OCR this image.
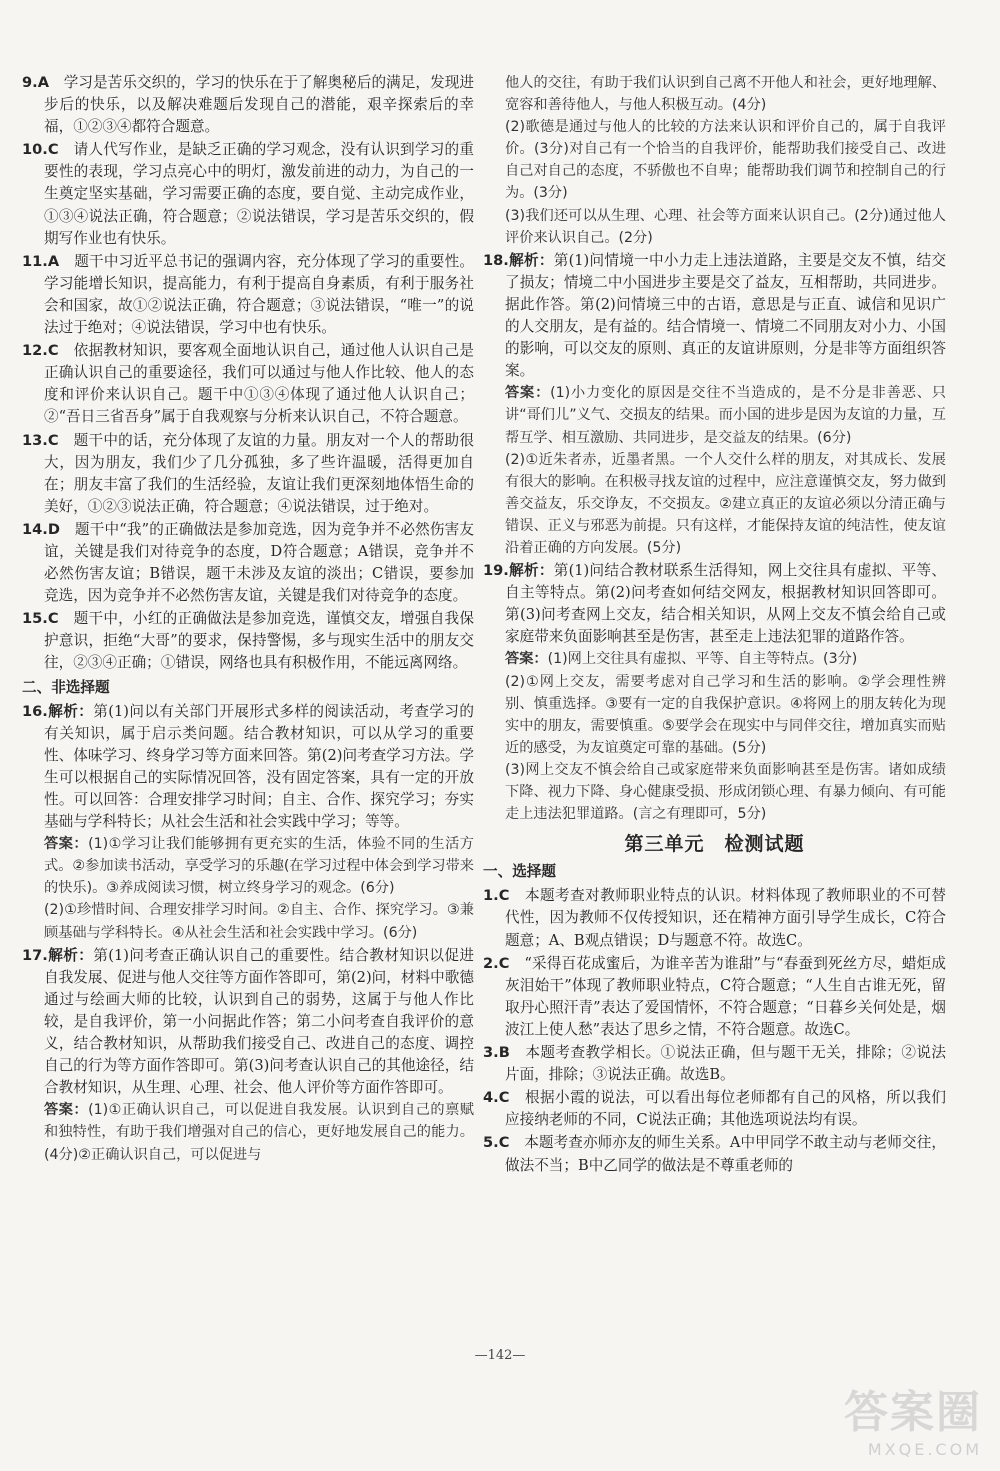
9.A　 学习是苦乐交织的，学习的快乐在于了解奥秘后的满足，发现进步后的快乐，以及解决难题后发现自己的潜能，艰辛探索后的幸福，①②③④都符合题意。
10.C　 请人代写作业，是缺乏正确的学习观念，没有认识到学习的重要性的表现，学习点亮心中的明灯，激发前进的动力，为自己的一生奠定坚实基础，学习需要正确的态度，要自觉、主动完成作业，①③④说法正确，符合题意；②说法错误，学习是苦乐交织的，假期写作业也有快乐。
11.A　 题干中习近平总书记的强调内容，充分体现了学习的重要性。学习能增长知识，提高能力，有利于提高自身素质，有利于服务社会和国家，故①②说法正确，符合题意；③说法错误，“唯一”的说法过于绝对；④说法错误，学习中也有快乐。
12.C　 依据教材知识，要客观全面地认识自己，通过他人认识自己是正确认识自己的重要途径，我们可以通过与他人作比较、他人的态度和评价来认识自己。题干中①③④体现了通过他人认识自己；②“吾日三省吾身”属于自我观察与分析来认识自己，不符合题意。
13.C　 题干中的话，充分体现了友谊的力量。朋友对一个人的帮助很大，因为朋友，我们少了几分孤独，多了些许温暖，活得更加自在；朋友丰富了我们的生活经验，友谊让我们更深刻地体悟生命的美好，①②③说法正确，符合题意；④说法错误，过于绝对。
14.D　 题干中“我”的正确做法是参加竞选，因为竞争并不必然伤害友谊，关键是我们对待竞争的态度，D符合题意；A错误，竞争并不必然伤害友谊；B错误，题干未涉及友谊的淡出；C错误，要参加竞选，因为竞争并不必然伤害友谊，关键是我们对待竞争的态度。
15.C　 题干中，小红的正确做法是参加竞选，谨慎交友，增强自我保护意识，拒绝“大哥”的要求，保持警惕，多与现实生活中的朋友交往，②③④正确；①错误，网络也具有积极作用，不能远离网络。
二、非选择题
16.解析：第(1)问以有关部门开展形式多样的阅读活动，考查学习的有关知识，属于启示类问题。结合教材知识，可以从学习的重要性、体味学习、终身学习等方面来回答。第(2)问考查学习方法。学生可以根据自己的实际情况回答，没有固定答案，具有一定的开放性。可以回答：合理安排学习时间；自主、合作、探究学习；夯实基础与学科特长；从社会生活和社会实践中学习；等等。
答案：(1)①学习让我们能够拥有更充实的生活，体验不同的生活方式。②参加读书活动，享受学习的乐趣(在学习过程中体会到学习带来的快乐)。③养成阅读习惯，树立终身学习的观念。(6分)
(2)①珍惜时间、合理安排学习时间。②自主、合作、探究学习。③兼顾基础与学科特长。④从社会生活和社会实践中学习。(6分)
17.解析：第(1)问考查正确认识自己的重要性。结合教材知识以促进自我发展、促进与他人交往等方面作答即可，第(2)问，材料中歌德通过与绘画大师的比较，认识到自己的弱势，这属于与他人作比较，是自我评价，第一小问据此作答；第二小问考查自我评价的意义，结合教材知识，从帮助我们接受自己、改进自己的态度、调控自己的行为等方面作答即可。第(3)问考查认识自己的其他途径，结合教材知识，从生理、心理、社会、他人评价等方面作答即可。
答案：(1)①正确认识自己，可以促进自我发展。认识到自己的禀赋和独特性，有助于我们增强对自己的信心，更好地发展自己的能力。(4分)②正确认识自己，可以促进与
他人的交往，有助于我们认识到自己离不开他人和社会，更好地理解、宽容和善待他人，与他人积极互动。(4分)
(2)歌德是通过与他人的比较的方法来认识和评价自己的，属于自我评价。(3分)对自己有一个恰当的自我评价，能帮助我们接受自己、改进自己对自己的态度，不骄傲也不自卑；能帮助我们调节和控制自己的行为。(3分)
(3)我们还可以从生理、心理、社会等方面来认识自己。(2分)通过他人评价来认识自己。(2分)
18.解析：第(1)问情境一中小力走上违法道路，主要是交友不慎，结交了损友；情境二中小国进步主要是交了益友，互相帮助，共同进步。据此作答。第(2)问情境三中的古语，意思是与正直、诚信和见识广的人交朋友，是有益的。结合情境一、情境二不同朋友对小力、小国的影响，可以交友的原则、真正的友谊讲原则，分是非等方面组织答案。
答案：(1)小力变化的原因是交往不当造成的，是不分是非善恶、只讲“哥们儿”义气、交损友的结果。而小国的进步是因为友谊的力量，互帮互学、相互激励、共同进步，是交益友的结果。(6分)
(2)①近朱者赤，近墨者黑。一个人交什么样的朋友，对其成长、发展有很大的影响。在积极寻找友谊的过程中，应注意谨慎交友，努力做到善交益友，乐交诤友，不交损友。②建立真正的友谊必须以分清正确与错误、正义与邪恶为前提。只有这样，才能保持友谊的纯洁性，使友谊沿着正确的方向发展。(5分)
19.解析：第(1)问结合教材联系生活得知，网上交往具有虚拟、平等、自主等特点。第(2)问考查如何结交网友，根据教材知识回答即可。第(3)问考查网上交友，结合相关知识，从网上交友不慎会给自己或家庭带来负面影响甚至是伤害，甚至走上违法犯罪的道路作答。
答案：(1)网上交往具有虚拟、平等、自主等特点。(3分)
(2)①网上交友，需要考虑对自己学习和生活的影响。②学会理性辨别、慎重选择。③要有一定的自我保护意识。④将网上的朋友转化为现实中的朋友，需要慎重。⑤要学会在现实中与同伴交往，增加真实而贴近的感受，为友谊奠定可靠的基础。(5分)
(3)网上交友不慎会给自己或家庭带来负面影响甚至是伤害。诸如成绩下降、视力下降、身心健康受损、形成闭锁心理、有暴力倾向、有可能走上违法犯罪道路。(言之有理即可，5分)
第三单元　检测试题
一、选择题
1.C　 本题考查对教师职业特点的认识。材料体现了教师职业的不可替代性，因为教师不仅传授知识，还在精神方面引导学生成长，C符合题意；A、B观点错误；D与题意不符。故选C。
2.C　 “采得百花成蜜后，为谁辛苦为谁甜”与“春蚕到死丝方尽，蜡炬成灰泪始干”体现了教师职业特点，C符合题意；“人生自古谁无死，留取丹心照汗青”表达了爱国情怀，不符合题意；“日暮乡关何处是，烟波江上使人愁”表达了思乡之情，不符合题意。故选C。
3.B　 本题考查教学相长。①说法正确，但与题干无关，排除；②说法片面，排除；③说法正确。故选B。
4.C　 根据小霞的说法，可以看出每位老师都有自己的风格，所以我们应接纳老师的不同，C说法正确；其他选项说法均有误。
5.C　 本题考查亦师亦友的师生关系。A中甲同学不敢主动与老师交往，做法不当；B中乙同学的做法是不尊重老师的
—142—
答案圈
MXQE.COM
